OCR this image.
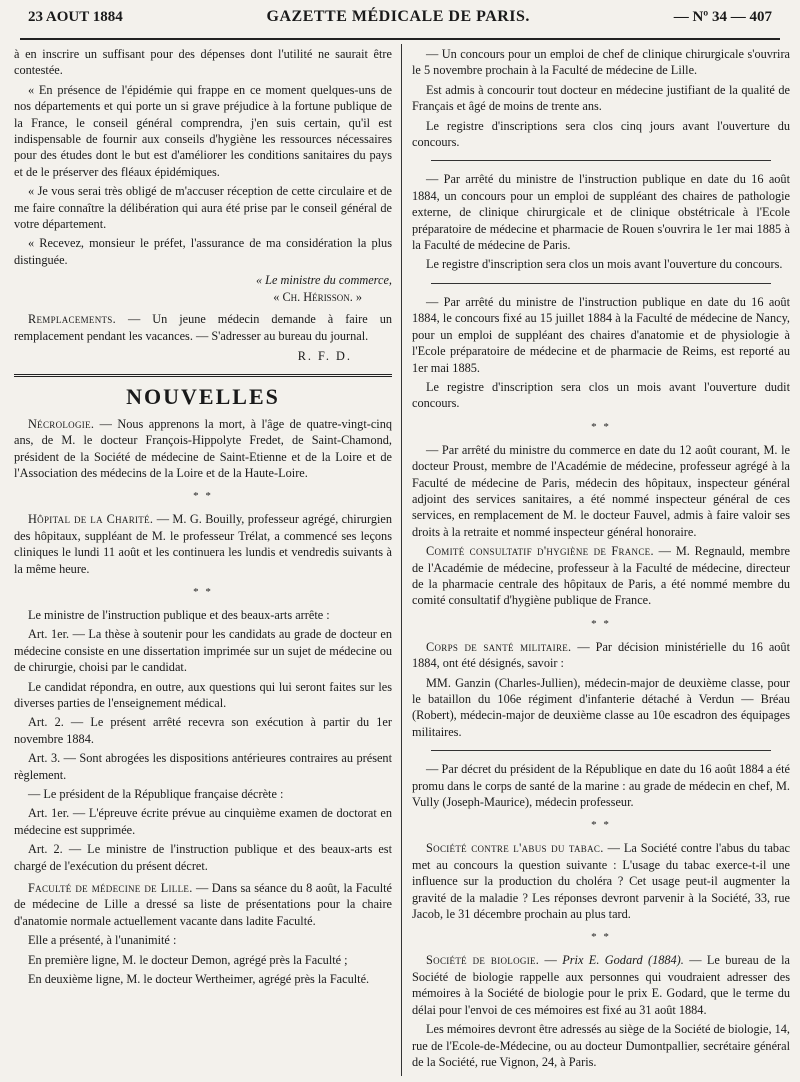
23 AOUT 1884	GAZETTE MÉDICALE DE PARIS.	— Nº 34 — 407

à en inscrire un suffisant pour des dépenses dont l'utilité ne saurait être contestée.

« En présence de l'épidémie qui frappe en ce moment quelques-uns de nos départements et qui porte un si grave préjudice à la fortune publique de la France, le conseil général comprendra, j'en suis certain, qu'il est indispensable de fournir aux conseils d'hygiène les ressources nécessaires pour des études dont le but est d'améliorer les conditions sanitaires du pays et de le préserver des fléaux épidémiques.

« Je vous serai très obligé de m'accuser réception de cette circulaire et de me faire connaître la délibération qui aura été prise par le conseil général de votre département.

« Recevez, monsieur le préfet, l'assurance de ma considération la plus distinguée.

« Le ministre du commerce,

« Ch. Hérisson. »

Remplacements. — Un jeune médecin demande à faire un remplacement pendant les vacances. — S'adresser au bureau du journal.

R. F. D.

NOUVELLES

Nécrologie. — Nous apprenons la mort, à l'âge de quatre-vingt-cinq ans, de M. le docteur François-Hippolyte Fredet, de Saint-Chamond, président de la Société de médecine de Saint-Etienne et de la Loire et de l'Association des médecins de la Loire et de la Haute-Loire.

* *

Hôpital de la Charité. — M. G. Bouilly, professeur agrégé, chirurgien des hôpitaux, suppléant de M. le professeur Trélat, a commencé ses leçons cliniques le lundi 11 août et les continuera les lundis et vendredis suivants à la même heure.

* *

Le ministre de l'instruction publique et des beaux-arts arrête :

Art. 1er. — La thèse à soutenir pour les candidats au grade de docteur en médecine consiste en une dissertation imprimée sur un sujet de médecine ou de chirurgie, choisi par le candidat.

Le candidat répondra, en outre, aux questions qui lui seront faites sur les diverses parties de l'enseignement médical.

Art. 2. — Le présent arrêté recevra son exécution à partir du 1er novembre 1884.

Art. 3. — Sont abrogées les dispositions antérieures contraires au présent règlement.

— Le président de la République française décrète :

Art. 1er. — L'épreuve écrite prévue au cinquième examen de doctorat en médecine est supprimée.

Art. 2. — Le ministre de l'instruction publique et des beaux-arts est chargé de l'exécution du présent décret.

Faculté de médecine de Lille. — Dans sa séance du 8 août, la Faculté de médecine de Lille a dressé sa liste de présentations pour la chaire d'anatomie normale actuellement vacante dans ladite Faculté.

Elle a présenté, à l'unanimité :

En première ligne, M. le docteur Demon, agrégé près la Faculté ;

En deuxième ligne, M. le docteur Wertheimer, agrégé près la Faculté.

— Un concours pour un emploi de chef de clinique chirurgicale s'ouvrira le 5 novembre prochain à la Faculté de médecine de Lille.

Est admis à concourir tout docteur en médecine justifiant de la qualité de Français et âgé de moins de trente ans.

Le registre d'inscriptions sera clos cinq jours avant l'ouverture du concours.

— Par arrêté du ministre de l'instruction publique en date du 16 août 1884, un concours pour un emploi de suppléant des chaires de pathologie externe, de clinique chirurgicale et de clinique obstétricale à l'Ecole préparatoire de médecine et pharmacie de Rouen s'ouvrira le 1er mai 1885 à la Faculté de médecine de Paris.

Le registre d'inscription sera clos un mois avant l'ouverture du concours.

— Par arrêté du ministre de l'instruction publique en date du 16 août 1884, le concours fixé au 15 juillet 1884 à la Faculté de médecine de Nancy, pour un emploi de suppléant des chaires d'anatomie et de physiologie à l'Ecole préparatoire de médecine et de pharmacie de Reims, est reporté au 1er mai 1885.

Le registre d'inscription sera clos un mois avant l'ouverture dudit concours.

* *

— Par arrêté du ministre du commerce en date du 12 août courant, M. le docteur Proust, membre de l'Académie de médecine, professeur agrégé à la Faculté de médecine de Paris, médecin des hôpitaux, inspecteur général adjoint des services sanitaires, a été nommé inspecteur général de ces services, en remplacement de M. le docteur Fauvel, admis à faire valoir ses droits à la retraite et nommé inspecteur général honoraire.

Comité consultatif d'hygiène de France. — M. Regnauld, membre de l'Académie de médecine, professeur à la Faculté de médecine, directeur de la pharmacie centrale des hôpitaux de Paris, a été nommé membre du comité consultatif d'hygiène publique de France.

* *

Corps de santé militaire. — Par décision ministérielle du 16 août 1884, ont été désignés, savoir :

MM. Ganzin (Charles-Jullien), médecin-major de deuxième classe, pour le bataillon du 106e régiment d'infanterie détaché à Verdun — Bréau (Robert), médecin-major de deuxième classe au 10e escadron des équipages militaires.

— Par décret du président de la République en date du 16 août 1884 a été promu dans le corps de santé de la marine : au grade de médecin en chef, M. Vully (Joseph-Maurice), médecin professeur.

* *

Société contre l'abus du tabac. — La Société contre l'abus du tabac met au concours la question suivante : L'usage du tabac exerce-t-il une influence sur la production du choléra ? Cet usage peut-il augmenter la gravité de la maladie ? Les réponses devront parvenir à la Société, 33, rue Jacob, le 31 décembre prochain au plus tard.

* *

Société de biologie. — Prix E. Godard (1884). — Le bureau de la Société de biologie rappelle aux personnes qui voudraient adresser des mémoires à la Société de biologie pour le prix E. Godard, que le terme du délai pour l'envoi de ces mémoires est fixé au 31 août 1884.

Les mémoires devront être adressés au siège de la Société de biologie, 14, rue de l'Ecole-de-Médecine, ou au docteur Dumontpallier, secrétaire général de la Société, rue Vignon, 24, à Paris.
